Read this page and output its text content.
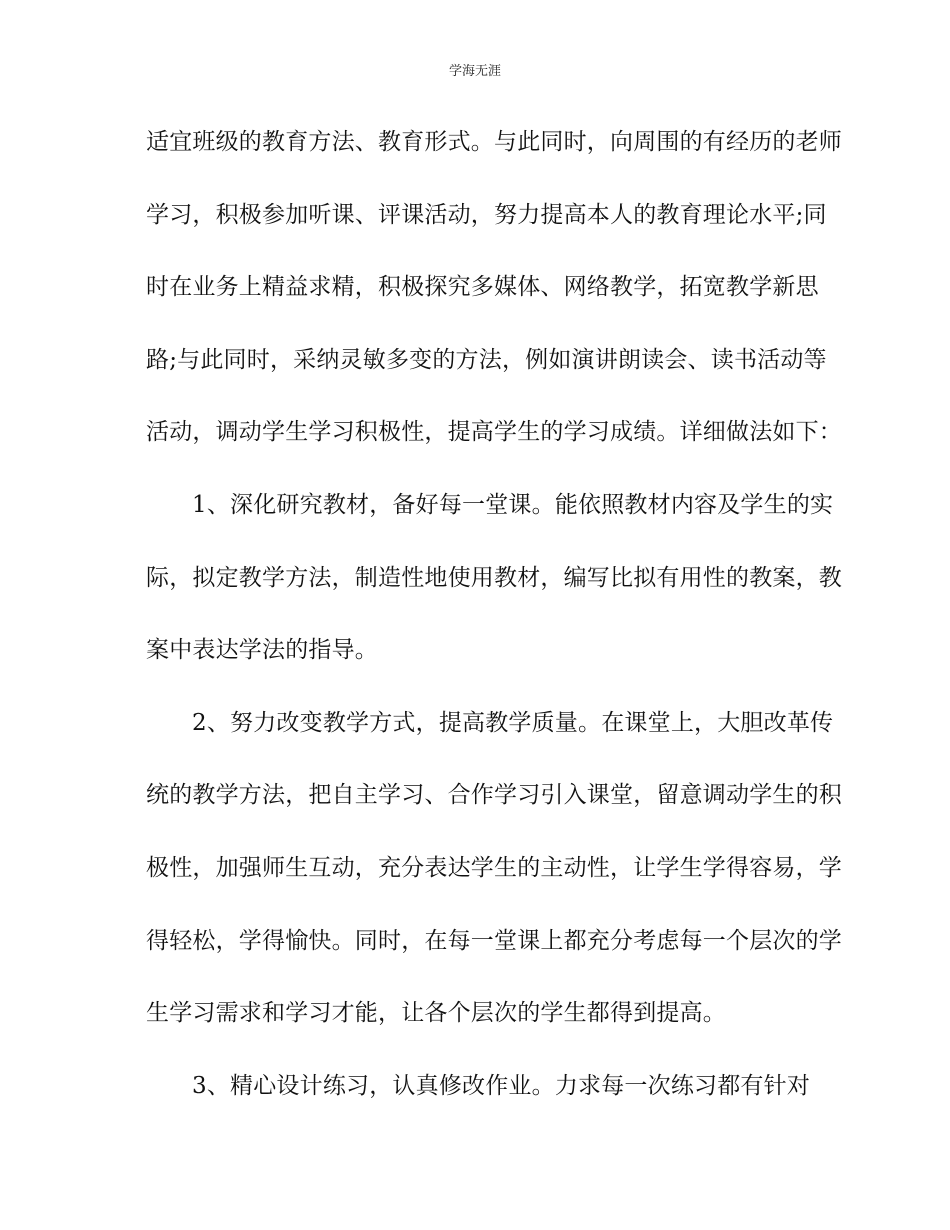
学海无涯
适宜班级的教育方法、教育形式。与此同时，向周围的有经历的老师
学习，积极参加听课、评课活动，努力提高本人的教育理论水平;同
时在业务上精益求精，积极探究多媒体、网络教学，拓宽教学新思
路;与此同时，采纳灵敏多变的方法，例如演讲朗读会、读书活动等
活动，调动学生学习积极性，提高学生的学习成绩。详细做法如下：
1、深化研究教材，备好每一堂课。能依照教材内容及学生的实
际，拟定教学方法，制造性地使用教材，编写比拟有用性的教案，教
案中表达学法的指导。
2、努力改变教学方式，提高教学质量。在课堂上，大胆改革传
统的教学方法，把自主学习、合作学习引入课堂，留意调动学生的积
极性，加强师生互动，充分表达学生的主动性，让学生学得容易，学
得轻松，学得愉快。同时，在每一堂课上都充分考虑每一个层次的学
生学习需求和学习才能，让各个层次的学生都得到提高。
3、精心设计练习，认真修改作业。力求每一次练习都有针对
